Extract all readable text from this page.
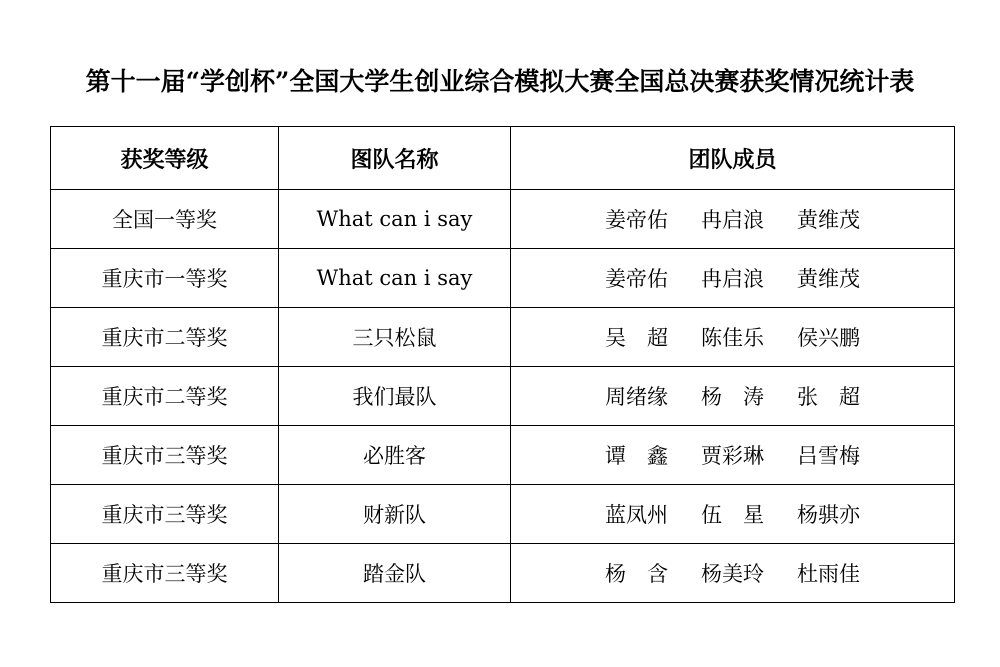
第十一届“学创杯”全国大学生创业综合模拟大赛全国总决赛获奖情况统计表
获奖等级	图队名称	团队成员
全国一等奖	What can i say	姜帝佑 冉启浪 黄维茂

重庆市一等奖	What can i say	姜帝佑 冉启浪 黄维茂

重庆市二等奖	三只松鼠	吴　超 陈佳乐 侯兴鹏

重庆市二等奖	我们最队	周绪缘 杨　涛 张　超

重庆市三等奖	必胜客	谭　鑫 贾彩琳 吕雪梅

重庆市三等奖	财新队	蓝凤州 伍　星 杨骐亦

重庆市三等奖	踏金队	杨　含 杨美玲 杜雨佳
